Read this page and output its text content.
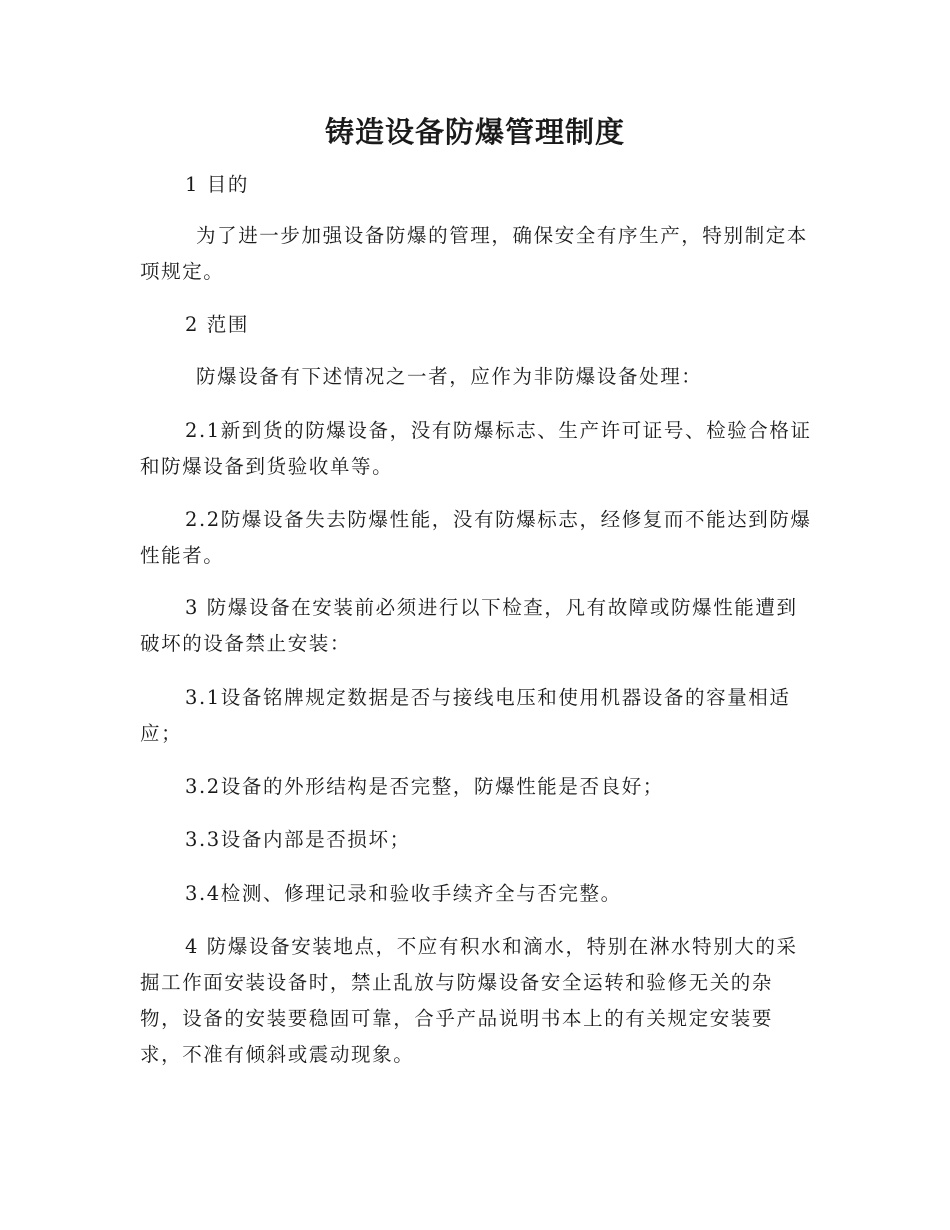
铸造设备防爆管理制度

1 目的

为了进一步加强设备防爆的管理，确保安全有序生产，特别制定本项规定。

2 范围

防爆设备有下述情况之一者，应作为非防爆设备处理：

2.1新到货的防爆设备，没有防爆标志、生产许可证号、检验合格证和防爆设备到货验收单等。

2.2防爆设备失去防爆性能，没有防爆标志，经修复而不能达到防爆性能者。

3 防爆设备在安装前必须进行以下检查，凡有故障或防爆性能遭到破坏的设备禁止安装：

3.1设备铭牌规定数据是否与接线电压和使用机器设备的容量相适应；

3.2设备的外形结构是否完整，防爆性能是否良好；

3.3设备内部是否损坏；

3.4检测、修理记录和验收手续齐全与否完整。

4 防爆设备安装地点，不应有积水和滴水，特别在淋水特别大的采掘工作面安装设备时，禁止乱放与防爆设备安全运转和验修无关的杂物，设备的安装要稳固可靠，合乎产品说明书本上的有关规定安装要求，不准有倾斜或震动现象。
